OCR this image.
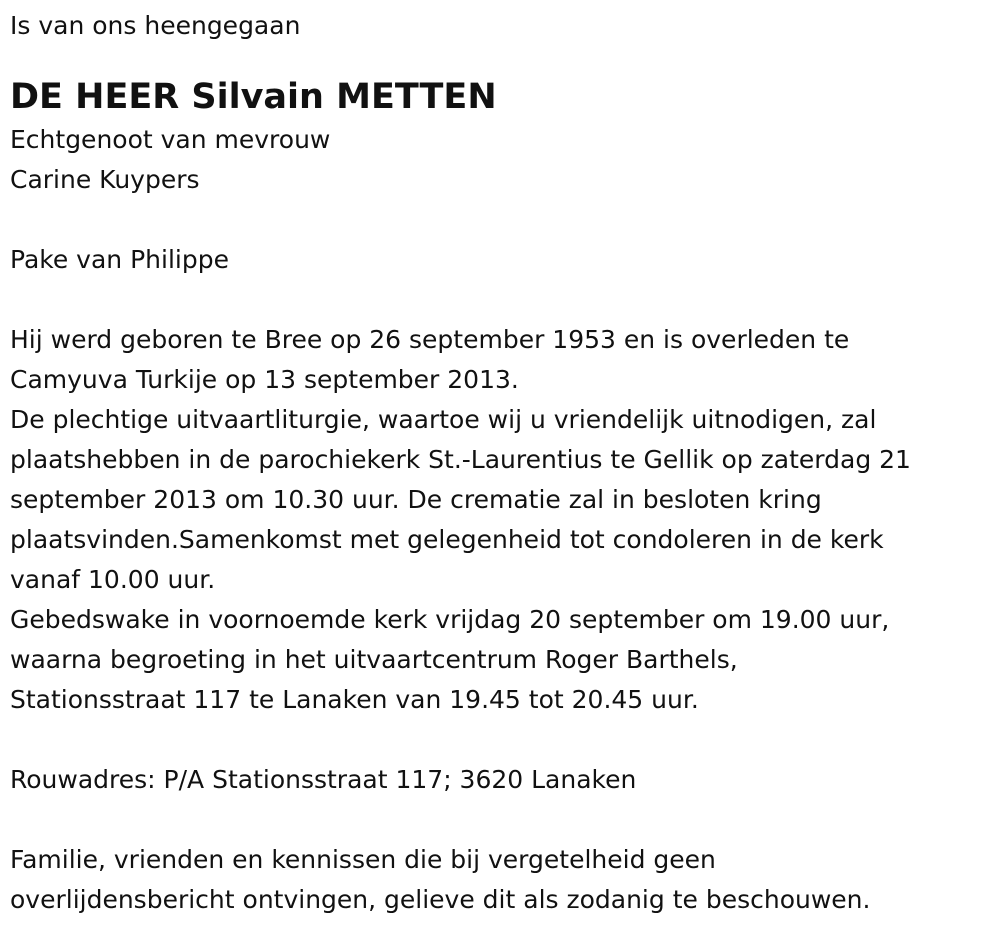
Is van ons heengegaan
DE HEER Silvain METTEN
Echtgenoot van mevrouw
Carine Kuypers
Pake van Philippe
Hij werd geboren te Bree op 26 september 1953 en is overleden te
Camyuva Turkije op 13 september 2013.
De plechtige uitvaartliturgie, waartoe wij u vriendelijk uitnodigen, zal
plaatshebben in de parochiekerk St.-Laurentius te Gellik op zaterdag 21
september 2013 om 10.30 uur. De crematie zal in besloten kring
plaatsvinden.Samenkomst met gelegenheid tot condoleren in de kerk
vanaf 10.00 uur.
Gebedswake in voornoemde kerk vrijdag 20 september om 19.00 uur,
waarna begroeting in het uitvaartcentrum Roger Barthels,
Stationsstraat 117 te Lanaken van 19.45 tot 20.45 uur.
Rouwadres: P/A Stationsstraat 117; 3620 Lanaken
Familie, vrienden en kennissen die bij vergetelheid geen
overlijdensbericht ontvingen, gelieve dit als zodanig te beschouwen.
